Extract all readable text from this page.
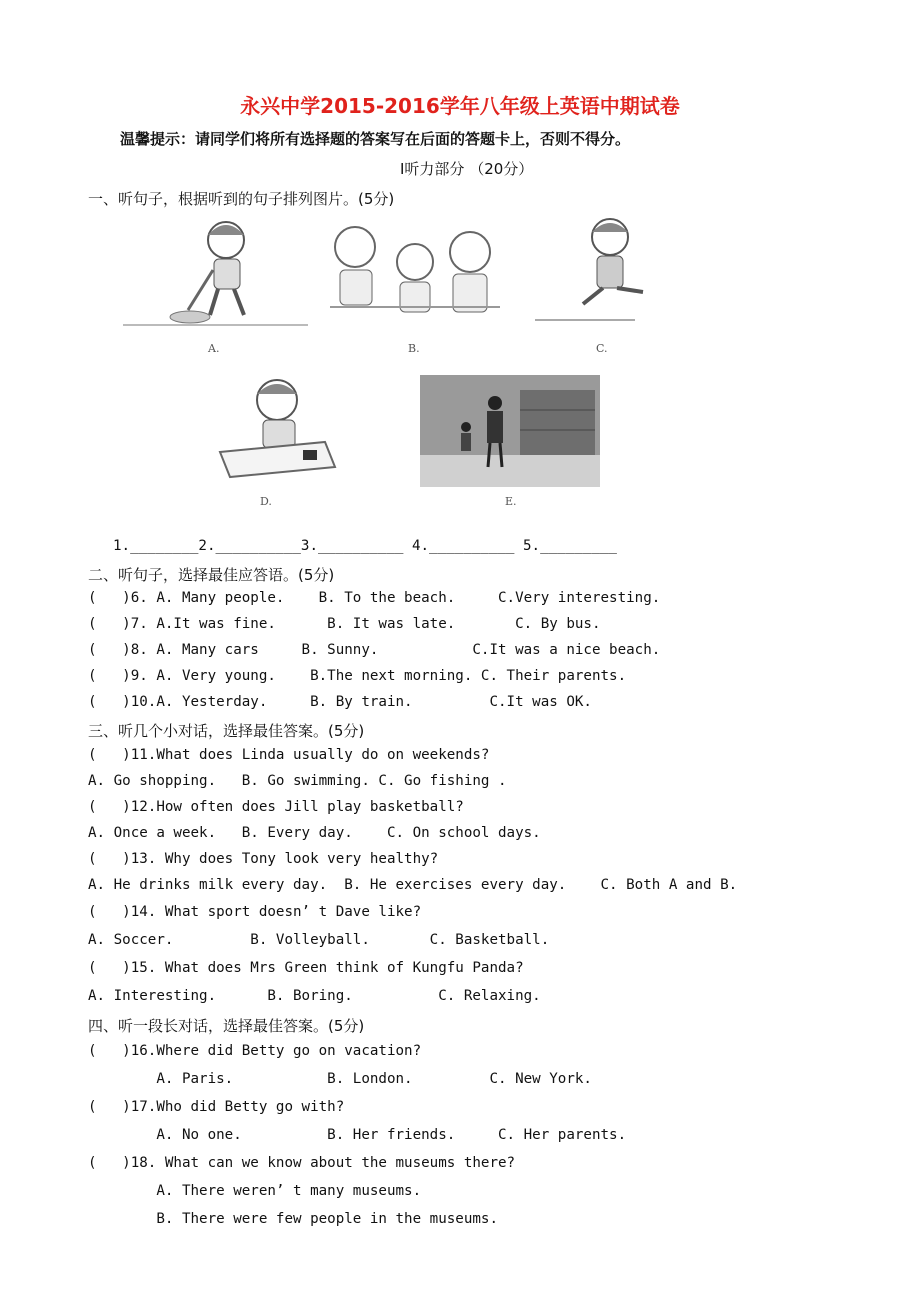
永兴中学2015-2016学年八年级上英语中期试卷
温馨提示：请同学们将所有选择题的答案写在后面的答题卡上，否则不得分。
I听力部分 （20分）
一、听句子，根据听到的句子排列图片。(5分)
A.	B.	C.
D.	E.
1.________2.__________3.__________ 4.__________ 5._________
二、听句子，选择最佳应答语。(5分)
(   )6. A. Many people.    B. To the beach.     C.Very interesting.
(   )7. A.It was fine.      B. It was late.       C. By bus.
(   )8. A. Many cars     B. Sunny.           C.It was a nice beach.
(   )9. A. Very young.    B.The next morning. C. Their parents.
(   )10.A. Yesterday.     B. By train.         C.It was OK.
三、听几个小对话，选择最佳答案。(5分)
(   )11.What does Linda usually do on weekends?
A. Go shopping.   B. Go swimming. C. Go fishing .
(   )12.How often does Jill play basketball?
A. Once a week.   B. Every day.    C. On school days.
(   )13. Why does Tony look very healthy?
A. He drinks milk every day.  B. He exercises every day.    C. Both A and B.
(   )14. What sport doesn’ t Dave like?
A. Soccer.         B. Volleyball.       C. Basketball.
(   )15. What does Mrs Green think of Kungfu Panda?
A. Interesting.      B. Boring.          C. Relaxing.
四、听一段长对话，选择最佳答案。(5分)
(   )16.Where did Betty go on vacation?
A. Paris.           B. London.         C. New York.
(   )17.Who did Betty go with?
A. No one.          B. Her friends.     C. Her parents.
(   )18. What can we know about the museums there?
A. There weren’ t many museums.
B. There were few people in the museums.
